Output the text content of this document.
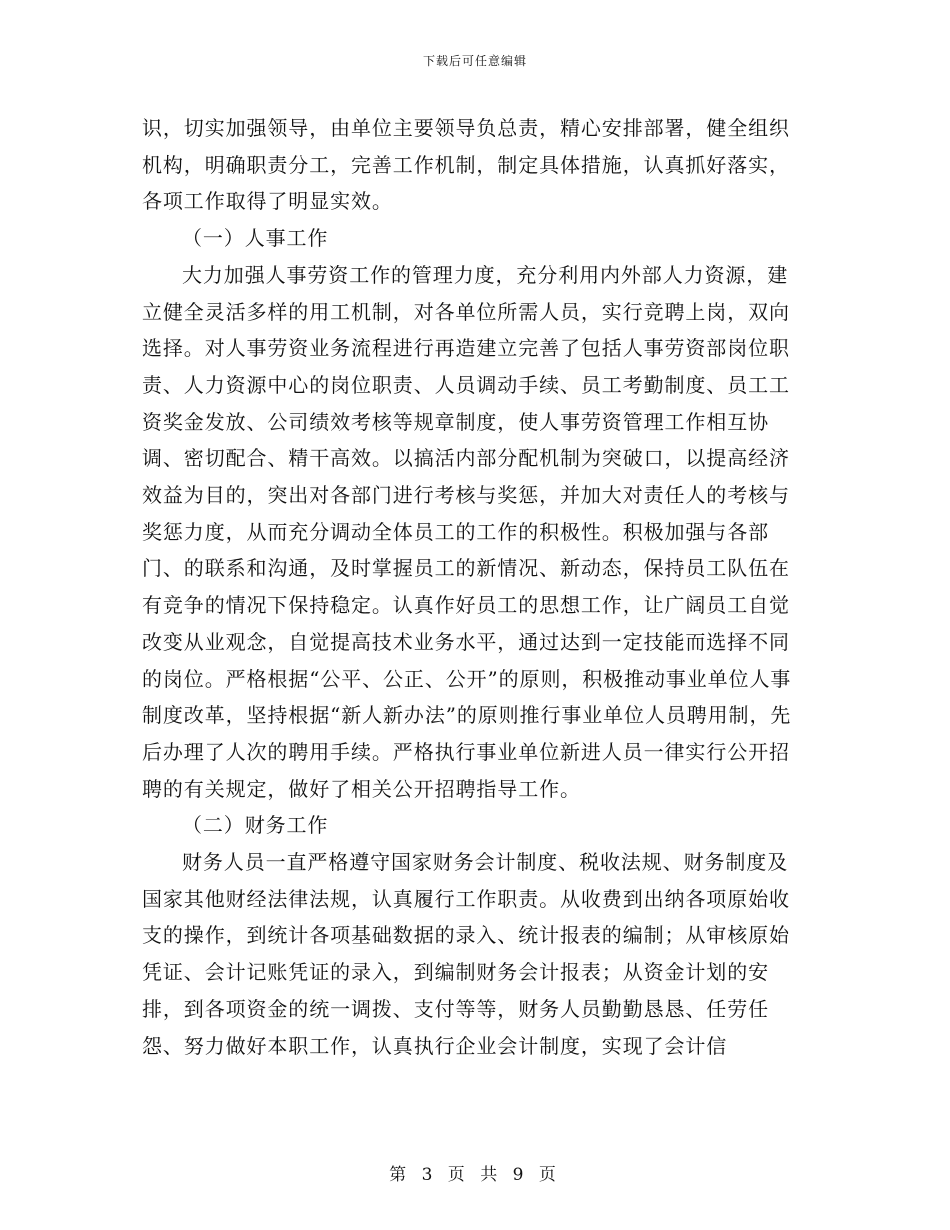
下载后可任意编辑

识，切实加强领导，由单位主要领导负总责，精心安排部署，健全组织机构，明确职责分工，完善工作机制，制定具体措施，认真抓好落实，各项工作取得了明显实效。

（一）人事工作

大力加强人事劳资工作的管理力度，充分利用内外部人力资源，建立健全灵活多样的用工机制，对各单位所需人员，实行竞聘上岗，双向选择。对人事劳资业务流程进行再造建立完善了包括人事劳资部岗位职责、人力资源中心的岗位职责、人员调动手续、员工考勤制度、员工工资奖金发放、公司绩效考核等规章制度，使人事劳资管理工作相互协调、密切配合、精干高效。以搞活内部分配机制为突破口，以提高经济效益为目的，突出对各部门进行考核与奖惩，并加大对责任人的考核与奖惩力度，从而充分调动全体员工的工作的积极性。积极加强与各部门、的联系和沟通，及时掌握员工的新情况、新动态，保持员工队伍在有竞争的情况下保持稳定。认真作好员工的思想工作，让广阔员工自觉改变从业观念，自觉提高技术业务水平，通过达到一定技能而选择不同的岗位。严格根据“公平、公正、公开”的原则，积极推动事业单位人事制度改革，坚持根据“新人新办法”的原则推行事业单位人员聘用制，先后办理了人次的聘用手续。严格执行事业单位新进人员一律实行公开招聘的有关规定，做好了相关公开招聘指导工作。

（二）财务工作

财务人员一直严格遵守国家财务会计制度、税收法规、财务制度及国家其他财经法律法规，认真履行工作职责。从收费到出纳各项原始收支的操作，到统计各项基础数据的录入、统计报表的编制；从审核原始凭证、会计记账凭证的录入，到编制财务会计报表；从资金计划的安排，到各项资金的统一调拨、支付等等，财务人员勤勤恳恳、任劳任怨、努力做好本职工作，认真执行企业会计制度，实现了会计信

第 3 页 共 9 页
